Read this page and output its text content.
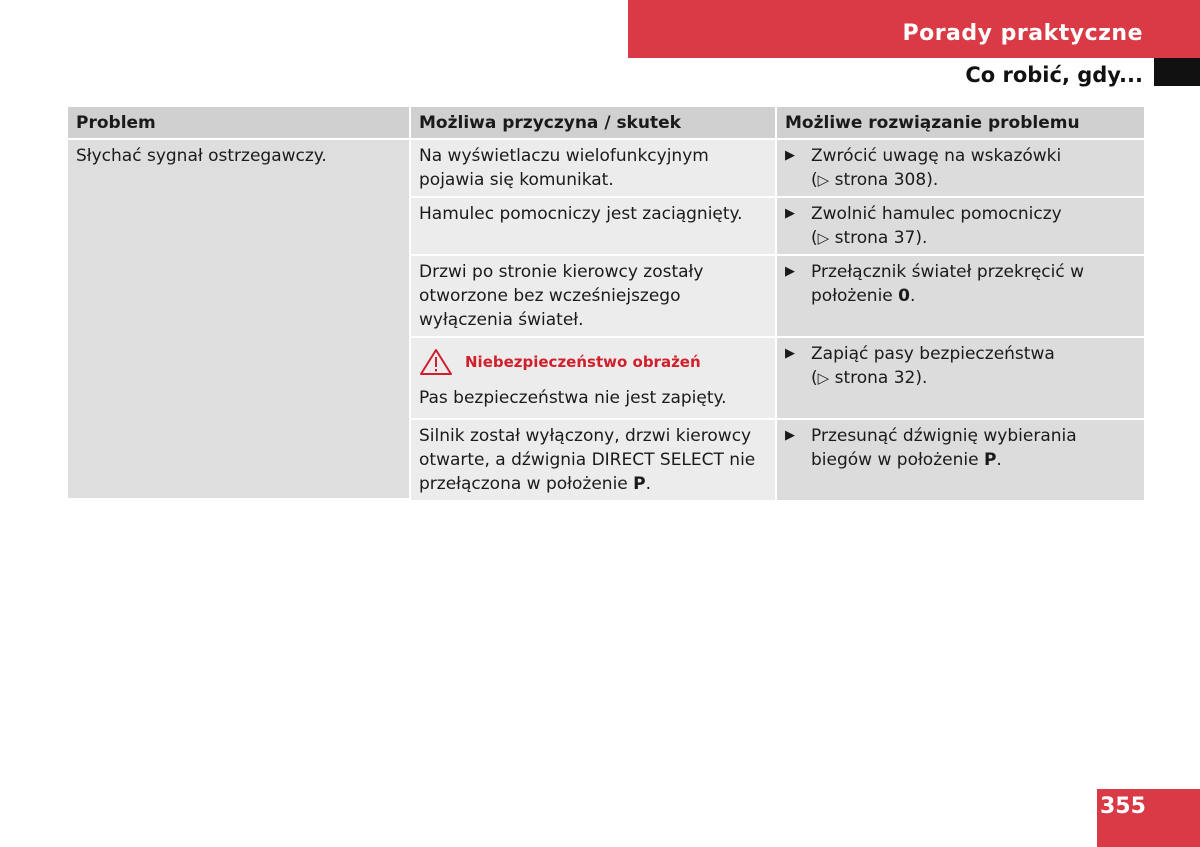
Porady praktyczne
Co robić, gdy...
Problem	Możliwa przyczyna / skutek	Możliwe rozwiązanie problemu
Słychać sygnał ostrzegawczy.	Na wyświetlaczu wielofunkcyjnym pojawia się komunikat.	▶ Zwrócić uwagę na wskazówki
(▷ strona 308).

	Hamulec pomocniczy jest zaciągnięty.	▶ Zwolnić hamulec pomocniczy
(▷ strona 37).

	Drzwi po stronie kierowcy zostały otworzone bez wcześniejszego wyłączenia świateł.	▶ Przełącznik świateł przekręcić w położenie 0.

	Niebezpieczeństwo obrażeń
Pas bezpieczeństwa nie jest zapięty.	▶ Zapiąć pasy bezpieczeństwa
(▷ strona 32).

	Silnik został wyłączony, drzwi kierowcy otwarte, a dźwignia DIRECT SELECT nie przełączona w położenie P.	▶ Przesunąć dźwignię wybierania biegów w położenie P.
355
